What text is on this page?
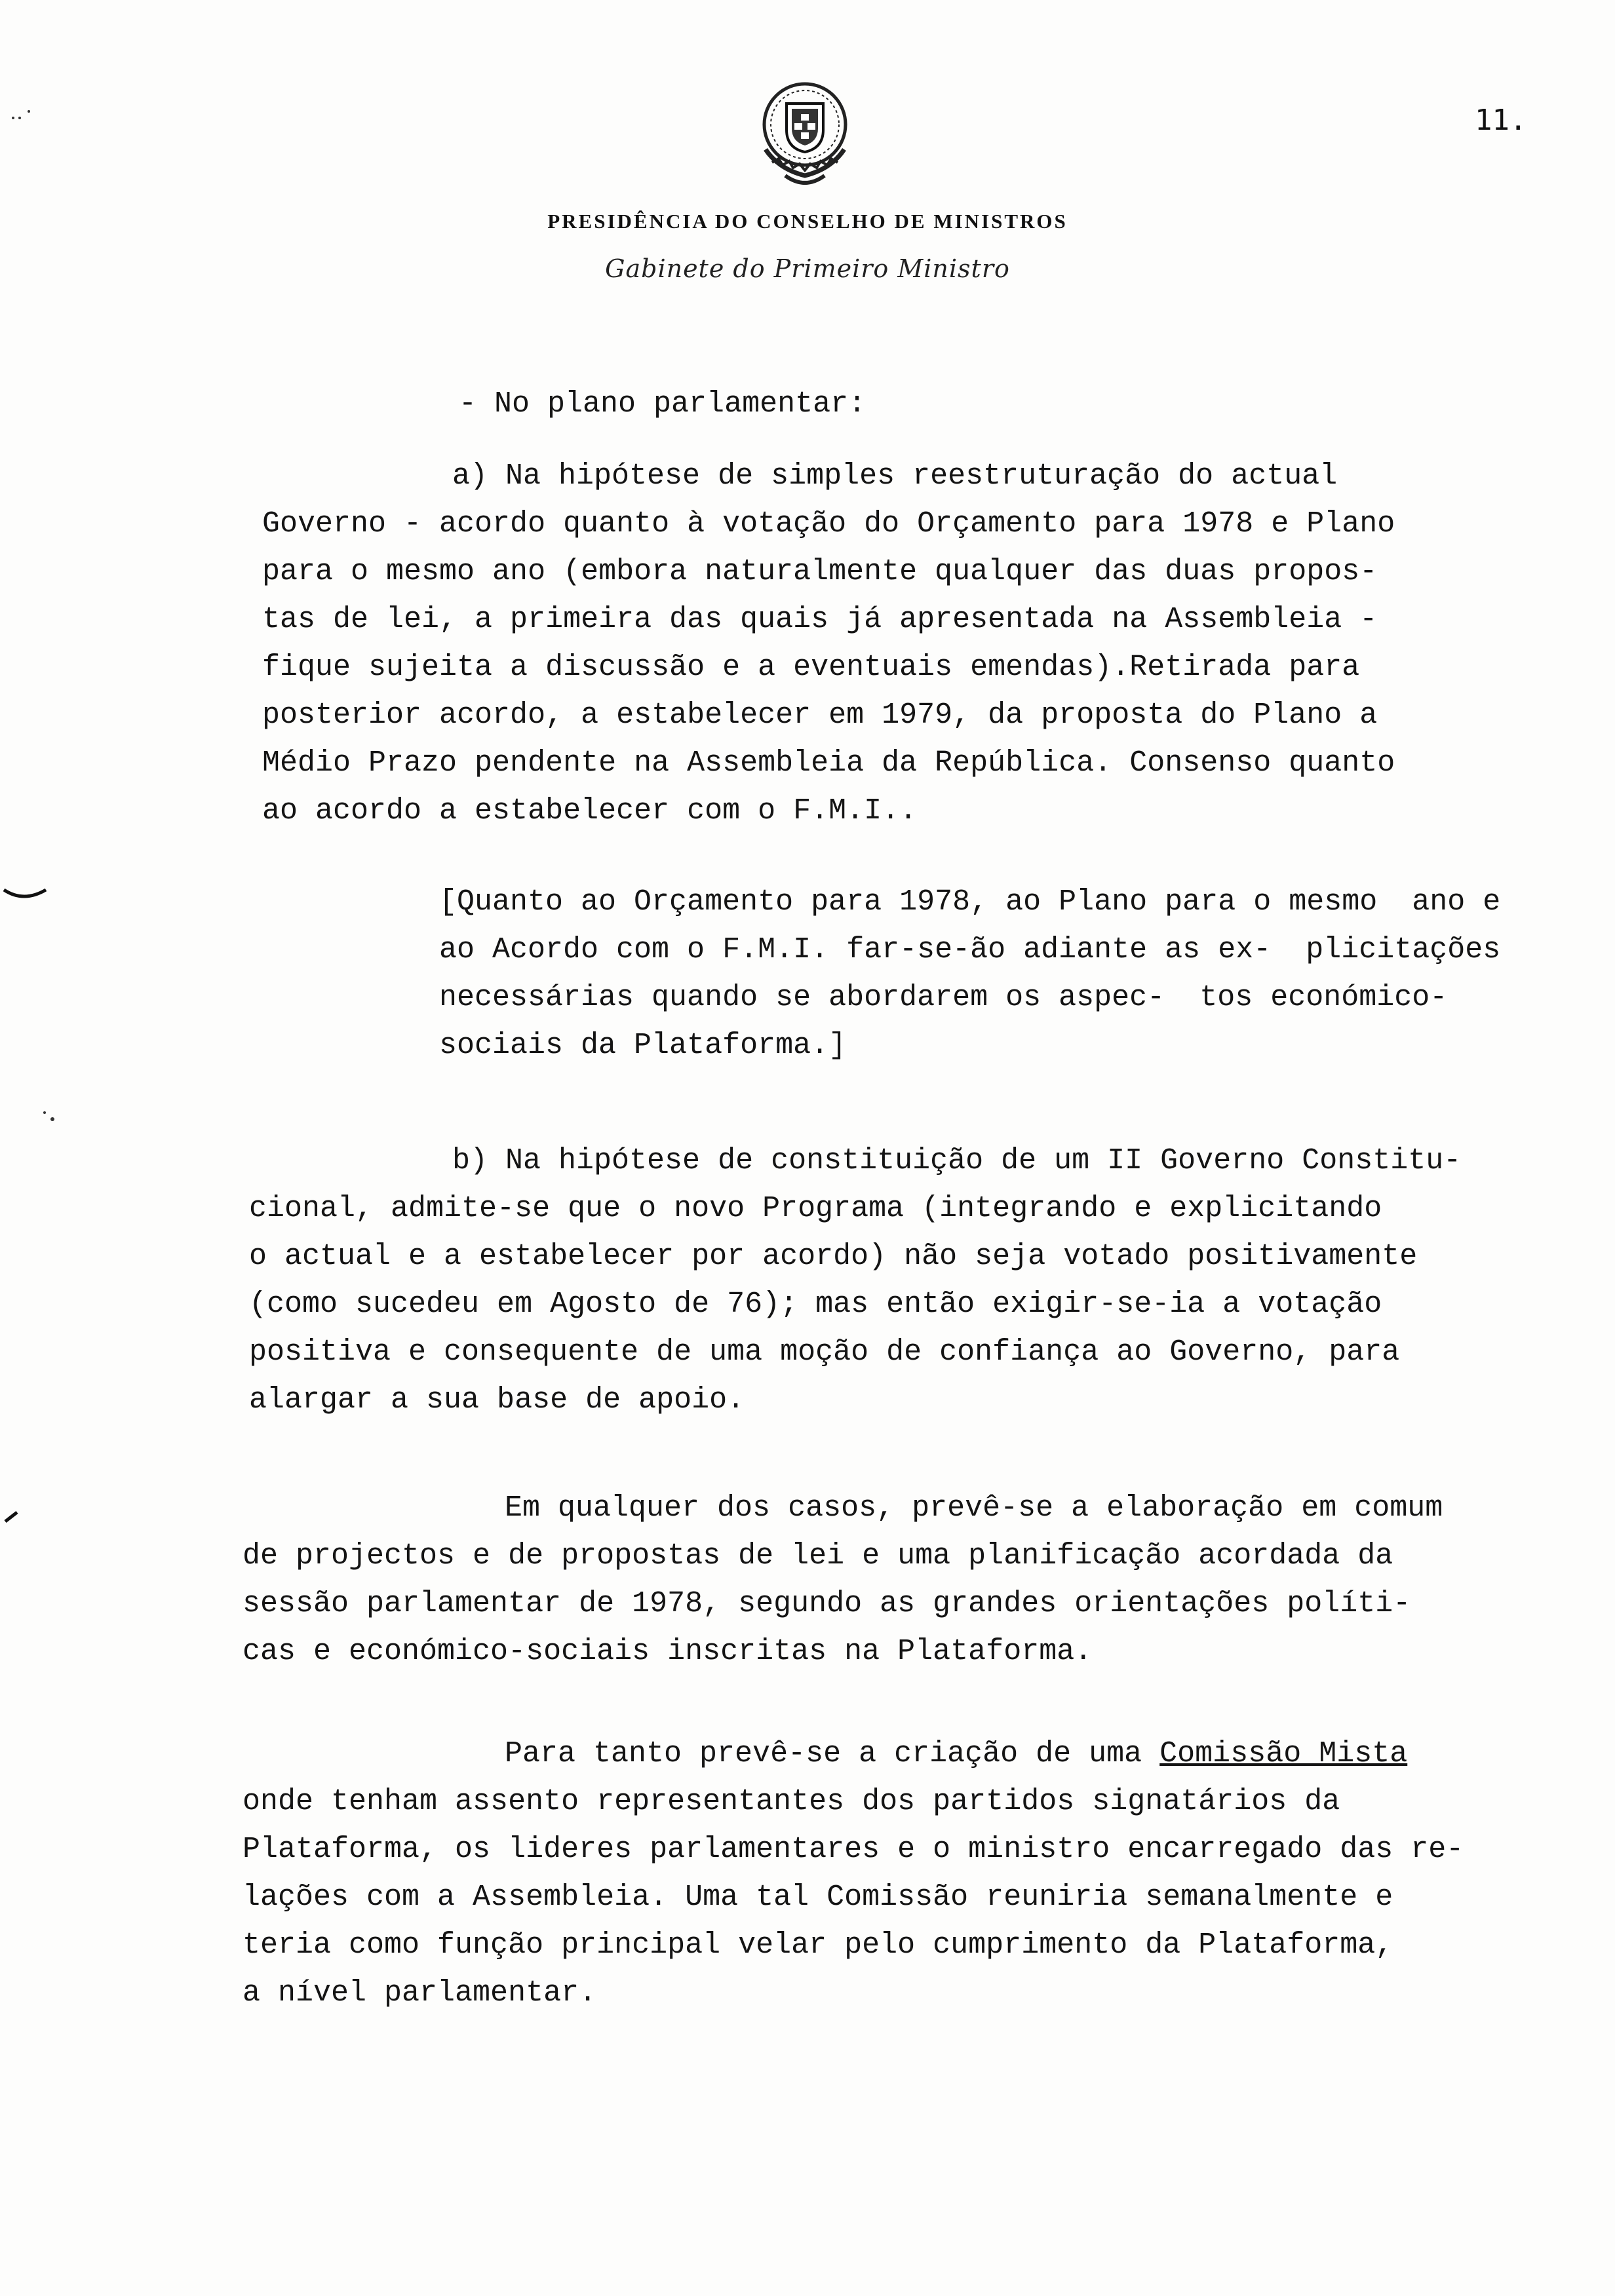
11.
PRESIDÊNCIA DO CONSELHO DE MINISTROS
Gabinete do Primeiro Ministro
- No plano parlamentar:
a) Na hipótese de simples reestruturação do actual
Governo - acordo quanto à votação do Orçamento para 1978 e Plano
para o mesmo ano (embora naturalmente qualquer das duas propos-
tas de lei, a primeira das quais já apresentada na Assembleia -
fique sujeita a discussão e a eventuais emendas).Retirada para
posterior acordo, a estabelecer em 1979, da proposta do Plano a
Médio Prazo pendente na Assembleia da República. Consenso quanto
ao acordo a estabelecer com o F.M.I..
[Quanto ao Orçamento para 1978, ao Plano para o mesmo ano e ao Acordo com o F.M.I. far-se-ão adiante as ex- plicitações necessárias quando se abordarem os aspec- tos económico-sociais da Plataforma.]
b) Na hipótese de constituição de um II Governo Constitu-
cional, admite-se que o novo Programa (integrando e explicitando
o actual e a estabelecer por acordo) não seja votado positivamente
(como sucedeu em Agosto de 76); mas então exigir-se-ia a votação
positiva e consequente de uma moção de confiança ao Governo, para
alargar a sua base de apoio.
Em qualquer dos casos, prevê-se a elaboração em comum
de projectos e de propostas de lei e uma planificação acordada da
sessão parlamentar de 1978, segundo as grandes orientações políti-
cas e económico-sociais inscritas na Plataforma.
Para tanto prevê-se a criação de uma Comissão Mista
onde tenham assento representantes dos partidos signatários da
Plataforma, os lideres parlamentares e o ministro encarregado das re-
lações com a Assembleia. Uma tal Comissão reuniria semanalmente e
teria como função principal velar pelo cumprimento da Plataforma,
a nível parlamentar.
